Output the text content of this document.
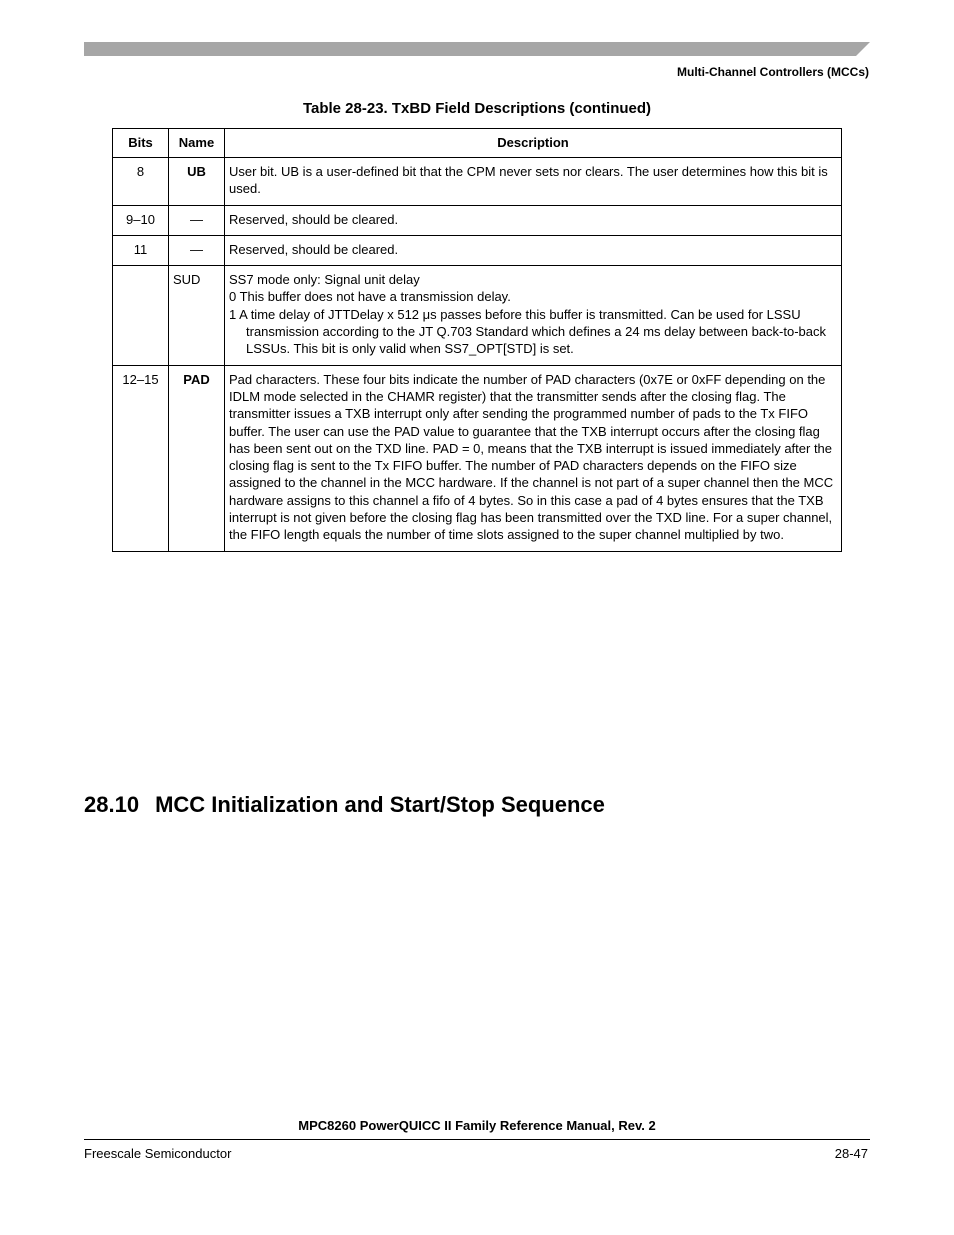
Multi-Channel Controllers (MCCs)
Table 28-23. TxBD Field Descriptions (continued)
Bits	Name	Description
8	UB	User bit. UB is a user-defined bit that the CPM never sets nor clears. The user determines how this bit is used.
9–10	—	Reserved, should be cleared.
11	—	Reserved, should be cleared.
	SUD	SS7 mode only: Signal unit delay
0 This buffer does not have a transmission delay.
1 A time delay of JTTDelay x 512 μs passes before this buffer is transmitted. Can be used for LSSU transmission according to the JT Q.703 Standard which defines a 24 ms delay between back-to-back LSSUs. This bit is only valid when SS7_OPT[STD] is set.

12–15	PAD	Pad characters. These four bits indicate the number of PAD characters (0x7E or 0xFF depending on the IDLM mode selected in the CHAMR register) that the transmitter sends after the closing flag. The transmitter issues a TXB interrupt only after sending the programmed number of pads to the Tx FIFO buffer. The user can use the PAD value to guarantee that the TXB interrupt occurs after the closing flag has been sent out on the TXD line. PAD = 0, means that the TXB interrupt is issued immediately after the closing flag is sent to the Tx FIFO buffer. The number of PAD characters depends on the FIFO size assigned to the channel in the MCC hardware. If the channel is not part of a super channel then the MCC hardware assigns to this channel a fifo of 4 bytes. So in this case a pad of 4 bytes ensures that the TXB interrupt is not given before the closing flag has been transmitted over the TXD line. For a super channel, the FIFO length equals the number of time slots assigned to the super channel multiplied by two.
28.10 MCC Initialization and Start/Stop Sequence
MPC8260 PowerQUICC II Family Reference Manual, Rev. 2
Freescale Semiconductor	28-47
